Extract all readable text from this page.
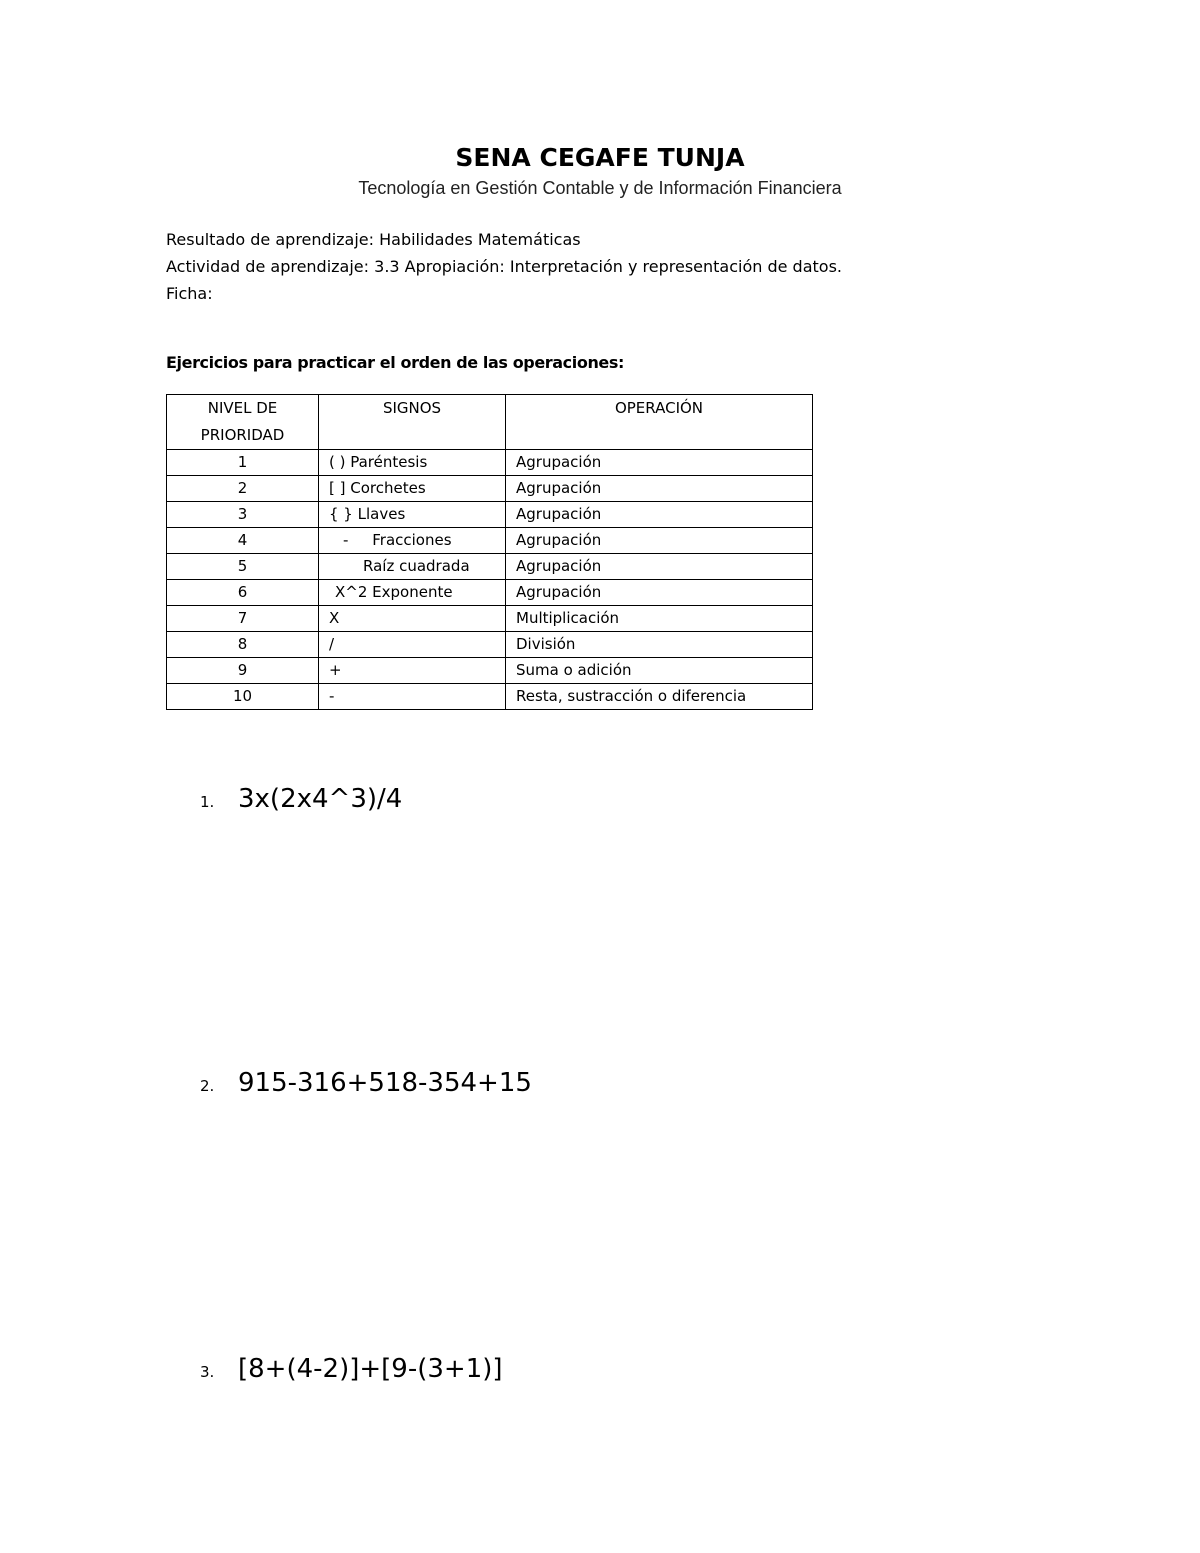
SENA CEGAFE TUNJA
Tecnología en Gestión Contable y de Información Financiera
Resultado de aprendizaje: Habilidades Matemáticas
Actividad de aprendizaje: 3.3 Apropiación: Interpretación y representación de datos.
Ficha:
Ejercicios para practicar el orden de las operaciones:
NIVEL DE PRIORIDAD	SIGNOS	OPERACIÓN
1	( ) Paréntesis	Agrupación
2	[ ] Corchetes	Agrupación
3	{ } Llaves	Agrupación
4	-     Fracciones	Agrupación
5	Raíz cuadrada	Agrupación
6	X^2 Exponente	Agrupación
7	X	Multiplicación
8	/	División
9	+	Suma o adición
10	-	Resta, sustracción o diferencia
1. 3x(2x4^3)/4
2. 915-316+518-354+15
3. [8+(4-2)]+[9-(3+1)]
